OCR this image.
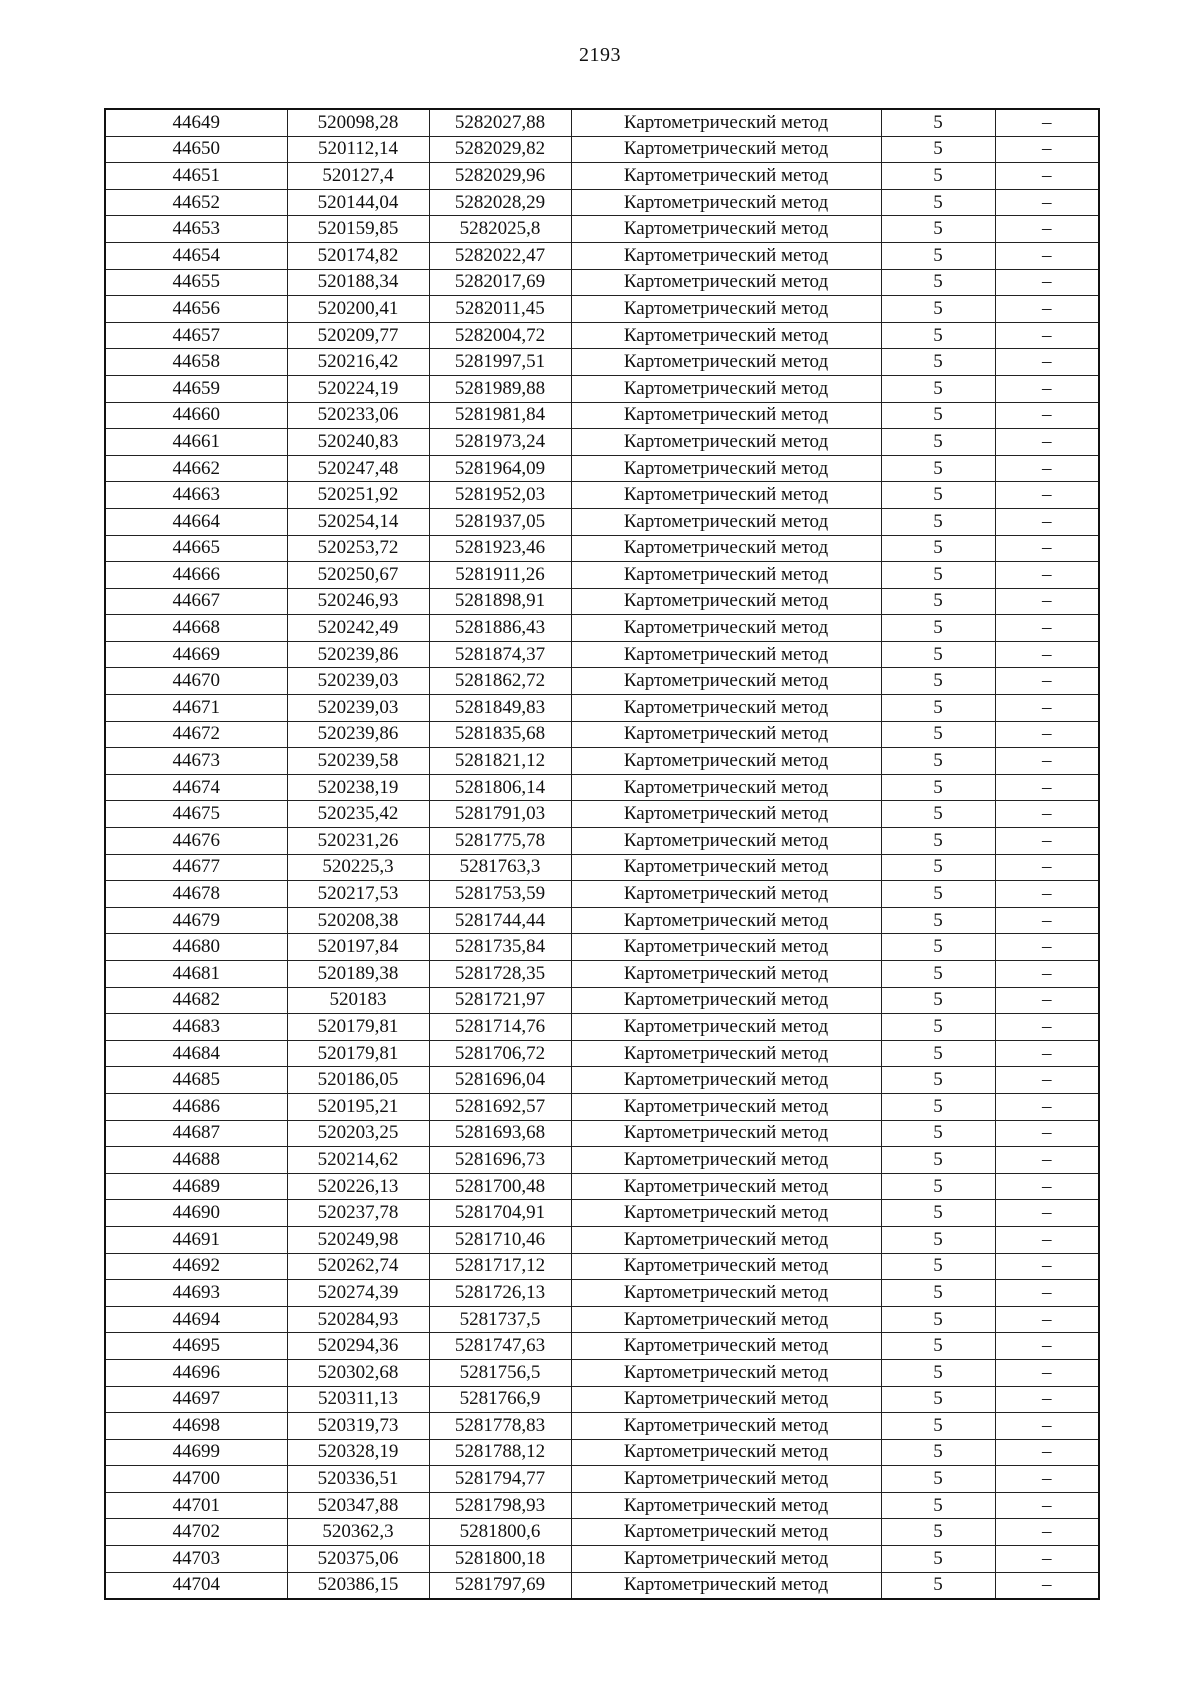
2193
44649	520098,28	5282027,88	Картометрический метод	5	–
44650	520112,14	5282029,82	Картометрический метод	5	–
44651	520127,4	5282029,96	Картометрический метод	5	–
44652	520144,04	5282028,29	Картометрический метод	5	–
44653	520159,85	5282025,8	Картометрический метод	5	–
44654	520174,82	5282022,47	Картометрический метод	5	–
44655	520188,34	5282017,69	Картометрический метод	5	–
44656	520200,41	5282011,45	Картометрический метод	5	–
44657	520209,77	5282004,72	Картометрический метод	5	–
44658	520216,42	5281997,51	Картометрический метод	5	–
44659	520224,19	5281989,88	Картометрический метод	5	–
44660	520233,06	5281981,84	Картометрический метод	5	–
44661	520240,83	5281973,24	Картометрический метод	5	–
44662	520247,48	5281964,09	Картометрический метод	5	–
44663	520251,92	5281952,03	Картометрический метод	5	–
44664	520254,14	5281937,05	Картометрический метод	5	–
44665	520253,72	5281923,46	Картометрический метод	5	–
44666	520250,67	5281911,26	Картометрический метод	5	–
44667	520246,93	5281898,91	Картометрический метод	5	–
44668	520242,49	5281886,43	Картометрический метод	5	–
44669	520239,86	5281874,37	Картометрический метод	5	–
44670	520239,03	5281862,72	Картометрический метод	5	–
44671	520239,03	5281849,83	Картометрический метод	5	–
44672	520239,86	5281835,68	Картометрический метод	5	–
44673	520239,58	5281821,12	Картометрический метод	5	–
44674	520238,19	5281806,14	Картометрический метод	5	–
44675	520235,42	5281791,03	Картометрический метод	5	–
44676	520231,26	5281775,78	Картометрический метод	5	–
44677	520225,3	5281763,3	Картометрический метод	5	–
44678	520217,53	5281753,59	Картометрический метод	5	–
44679	520208,38	5281744,44	Картометрический метод	5	–
44680	520197,84	5281735,84	Картометрический метод	5	–
44681	520189,38	5281728,35	Картометрический метод	5	–
44682	520183	5281721,97	Картометрический метод	5	–
44683	520179,81	5281714,76	Картометрический метод	5	–
44684	520179,81	5281706,72	Картометрический метод	5	–
44685	520186,05	5281696,04	Картометрический метод	5	–
44686	520195,21	5281692,57	Картометрический метод	5	–
44687	520203,25	5281693,68	Картометрический метод	5	–
44688	520214,62	5281696,73	Картометрический метод	5	–
44689	520226,13	5281700,48	Картометрический метод	5	–
44690	520237,78	5281704,91	Картометрический метод	5	–
44691	520249,98	5281710,46	Картометрический метод	5	–
44692	520262,74	5281717,12	Картометрический метод	5	–
44693	520274,39	5281726,13	Картометрический метод	5	–
44694	520284,93	5281737,5	Картометрический метод	5	–
44695	520294,36	5281747,63	Картометрический метод	5	–
44696	520302,68	5281756,5	Картометрический метод	5	–
44697	520311,13	5281766,9	Картометрический метод	5	–
44698	520319,73	5281778,83	Картометрический метод	5	–
44699	520328,19	5281788,12	Картометрический метод	5	–
44700	520336,51	5281794,77	Картометрический метод	5	–
44701	520347,88	5281798,93	Картометрический метод	5	–
44702	520362,3	5281800,6	Картометрический метод	5	–
44703	520375,06	5281800,18	Картометрический метод	5	–
44704	520386,15	5281797,69	Картометрический метод	5	–
